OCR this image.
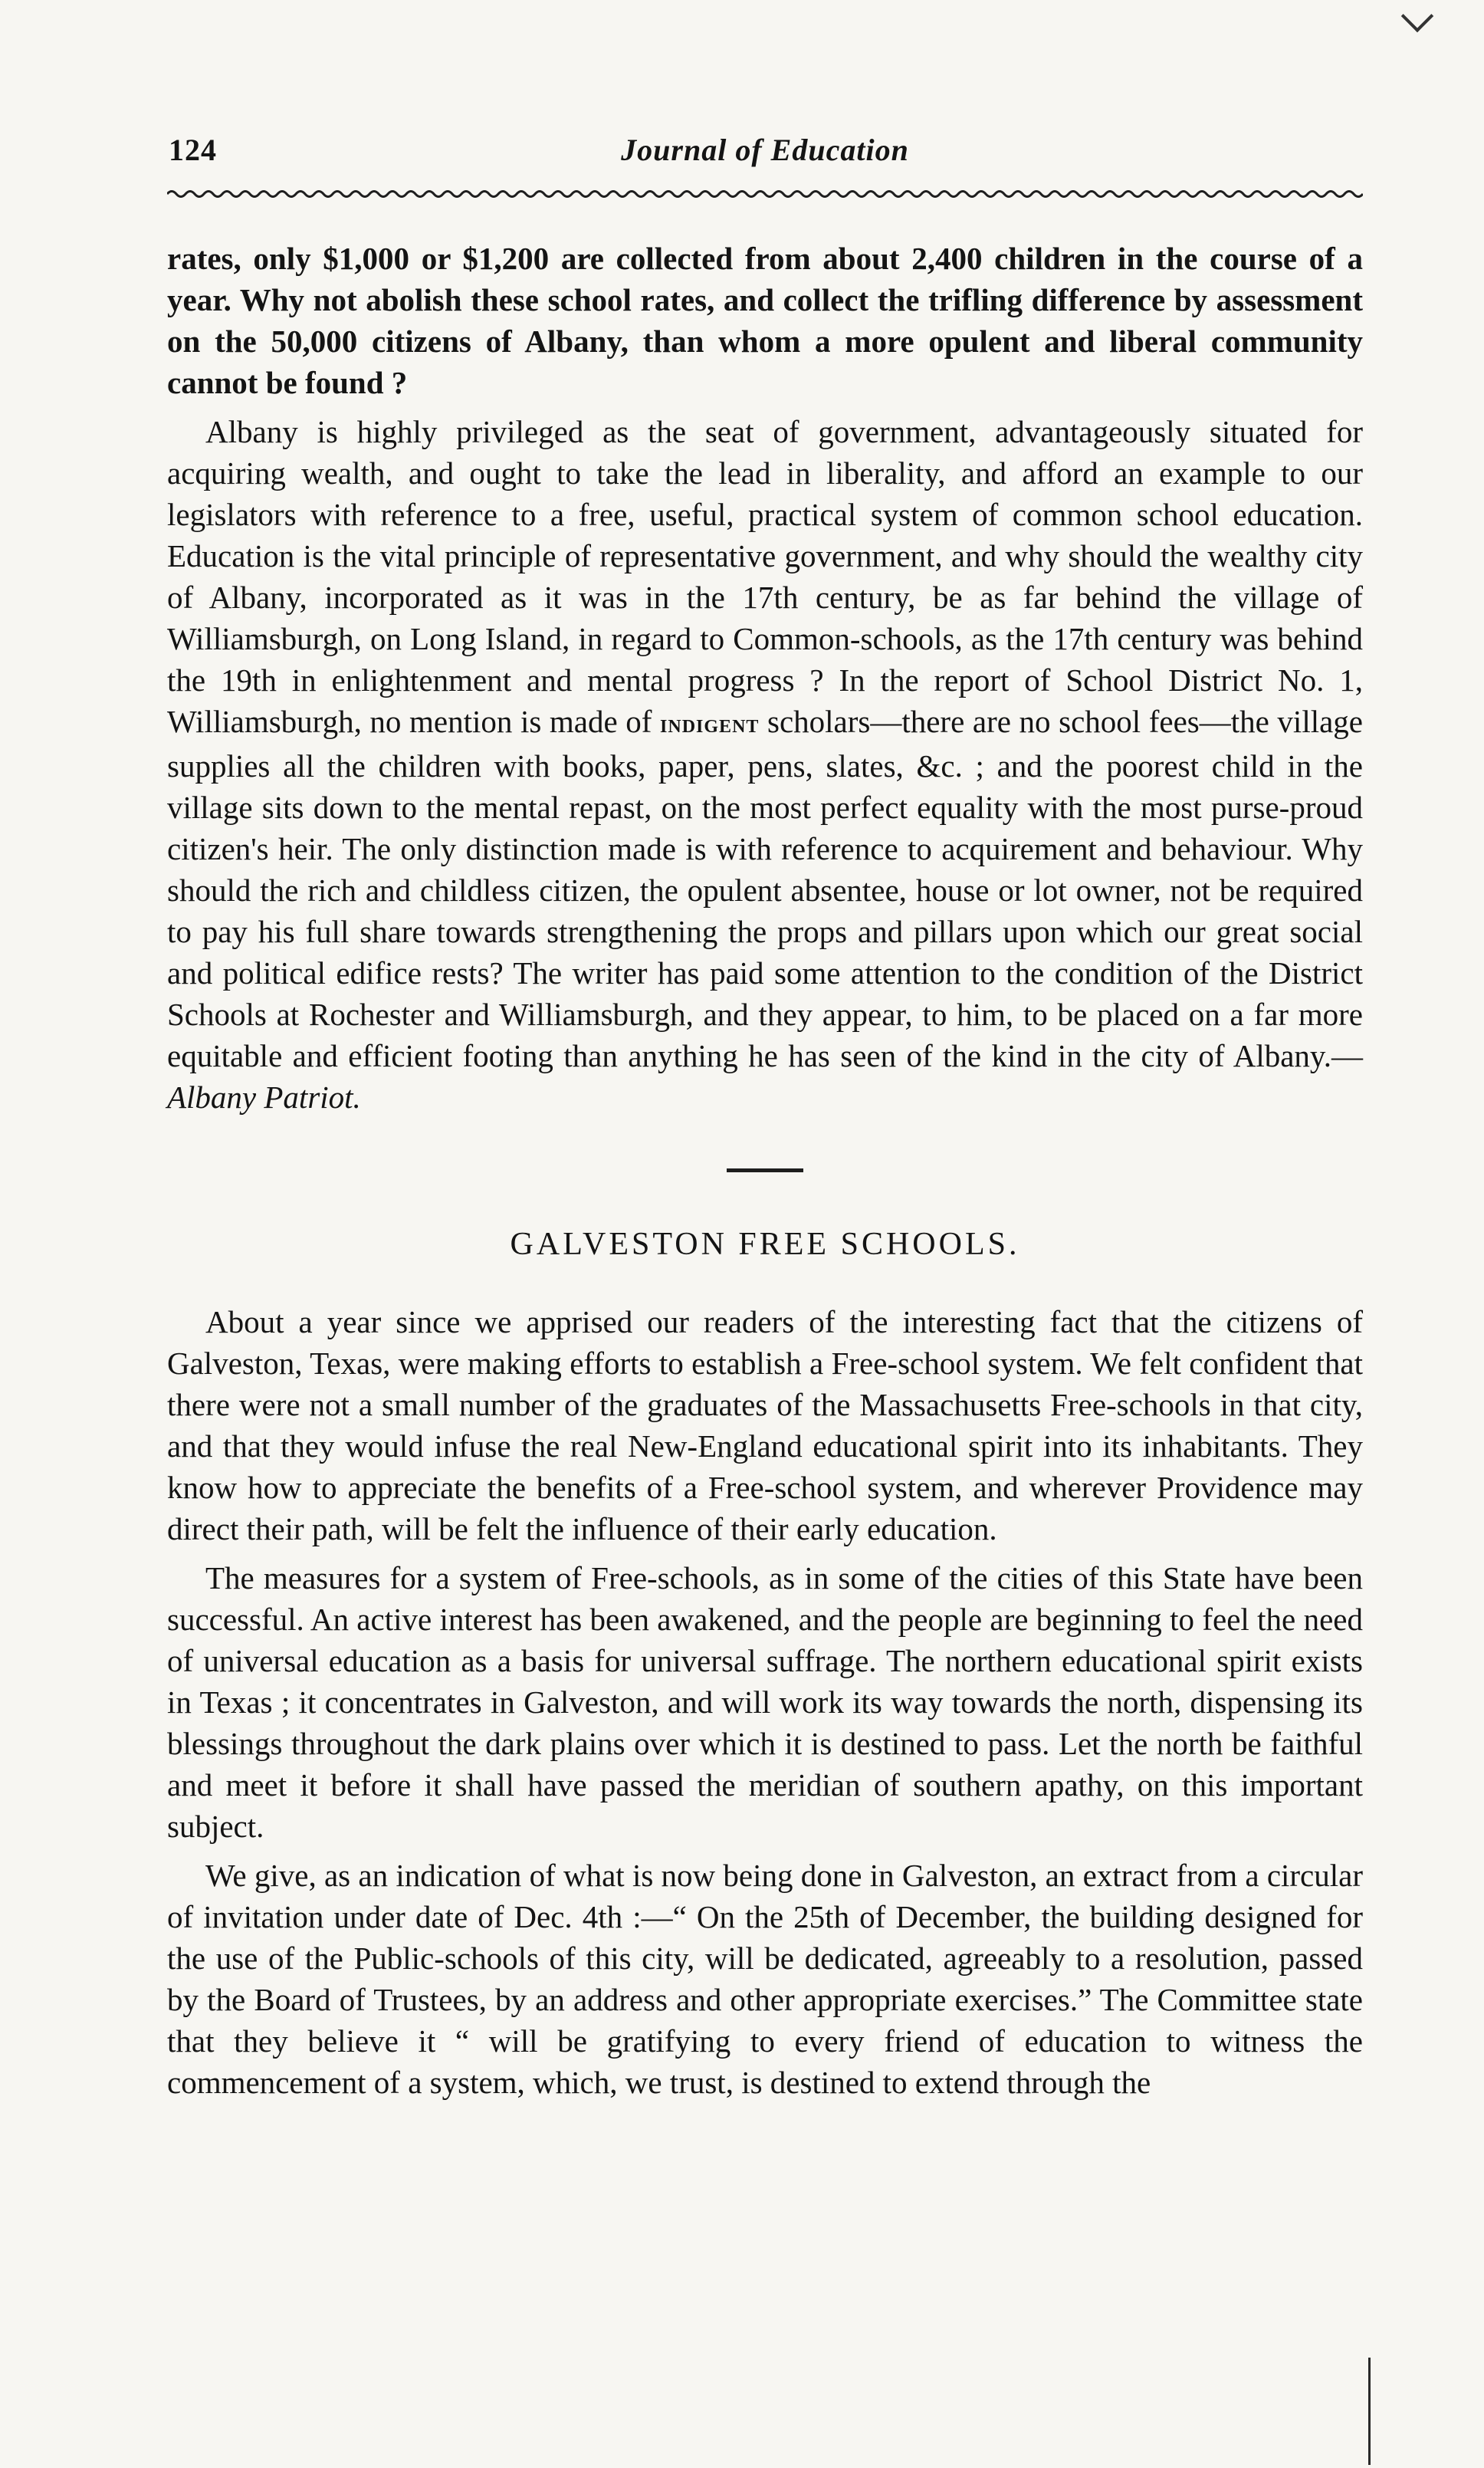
124	Journal of Education

rates, only $1,000 or $1,200 are collected from about 2,400 children in the course of a year. Why not abolish these school rates, and collect the trifling difference by assessment on the 50,000 citizens of Albany, than whom a more opulent and liberal community cannot be found ?

Albany is highly privileged as the seat of government, advantageously situated for acquiring wealth, and ought to take the lead in liberality, and afford an example to our legislators with reference to a free, useful, practical system of common school education. Education is the vital principle of representative government, and why should the wealthy city of Albany, incorporated as it was in the 17th century, be as far behind the village of Williamsburgh, on Long Island, in regard to Common-schools, as the 17th century was behind the 19th in enlightenment and mental progress ? In the report of School District No. 1, Williamsburgh, no mention is made of indigent scholars—there are no school fees—the village supplies all the children with books, paper, pens, slates, &c. ; and the poorest child in the village sits down to the mental repast, on the most perfect equality with the most purse-proud citizen's heir. The only distinction made is with reference to acquirement and behaviour. Why should the rich and childless citizen, the opulent absentee, house or lot owner, not be required to pay his full share towards strengthening the props and pillars upon which our great social and political edifice rests? The writer has paid some attention to the condition of the District Schools at Rochester and Williamsburgh, and they appear, to him, to be placed on a far more equitable and efficient footing than anything he has seen of the kind in the city of Albany.—Albany Patriot.

GALVESTON FREE SCHOOLS.

About a year since we apprised our readers of the interesting fact that the citizens of Galveston, Texas, were making efforts to establish a Free-school system. We felt confident that there were not a small number of the graduates of the Massachusetts Free-schools in that city, and that they would infuse the real New-England educational spirit into its inhabitants. They know how to appreciate the benefits of a Free-school system, and wherever Providence may direct their path, will be felt the influence of their early education.

The measures for a system of Free-schools, as in some of the cities of this State have been successful. An active interest has been awakened, and the people are beginning to feel the need of universal education as a basis for universal suffrage. The northern educational spirit exists in Texas ; it concentrates in Galveston, and will work its way towards the north, dispensing its blessings throughout the dark plains over which it is destined to pass. Let the north be faithful and meet it before it shall have passed the meridian of southern apathy, on this important subject.

We give, as an indication of what is now being done in Galveston, an extract from a circular of invitation under date of Dec. 4th :—“ On the 25th of December, the building designed for the use of the Public-schools of this city, will be dedicated, agreeably to a resolution, passed by the Board of Trustees, by an address and other appropriate exercises.” The Committee state that they believe it “ will be gratifying to every friend of education to witness the commencement of a system, which, we trust, is destined to extend through the
